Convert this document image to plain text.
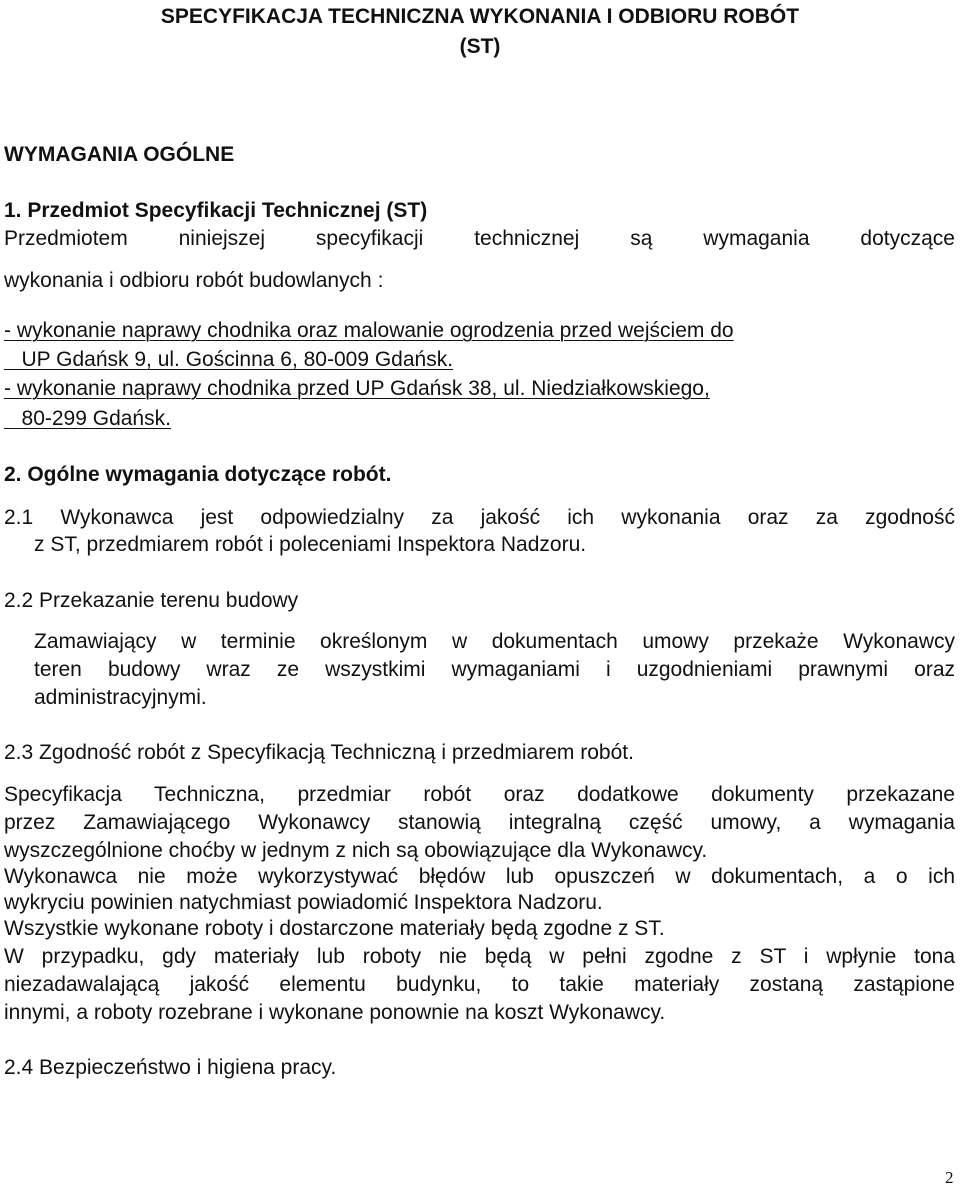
SPECYFIKACJA TECHNICZNA WYKONANIA I ODBIORU ROBÓT
(ST)
WYMAGANIA OGÓLNE
1. Przedmiot Specyfikacji Technicznej (ST)
Przedmiotem niniejszej specyfikacji technicznej są wymagania dotyczące
wykonania i odbioru robót budowlanych :
- wykonanie naprawy chodnika oraz malowanie ogrodzenia przed wejściem do
UP Gdańsk 9, ul. Gościnna 6, 80-009 Gdańsk.
- wykonanie naprawy chodnika przed UP Gdańsk 38, ul. Niedziałkowskiego,
80-299 Gdańsk.
2. Ogólne wymagania dotyczące robót.
2.1 Wykonawca jest odpowiedzialny za jakość ich wykonania oraz za zgodność
z ST, przedmiarem robót i poleceniami Inspektora Nadzoru.
2.2 Przekazanie terenu budowy
Zamawiający w terminie określonym w dokumentach umowy przekaże Wykonawcy
teren budowy wraz ze wszystkimi wymaganiami i uzgodnieniami prawnymi oraz
administracyjnymi.
2.3 Zgodność robót z Specyfikacją Techniczną i przedmiarem robót.
Specyfikacja Techniczna, przedmiar robót oraz dodatkowe dokumenty przekazane
przez Zamawiającego Wykonawcy stanowią integralną część umowy, a wymagania
wyszczególnione choćby w jednym z nich są obowiązujące dla Wykonawcy.
Wykonawca nie może wykorzystywać błędów lub opuszczeń w dokumentach, a o ich
wykryciu powinien natychmiast powiadomić Inspektora Nadzoru.
Wszystkie wykonane roboty i dostarczone materiały będą zgodne z ST.
W przypadku, gdy materiały lub roboty nie będą w pełni zgodne z ST i wpłynie tona
niezadawalającą jakość elementu budynku, to takie materiały zostaną zastąpione
innymi, a roboty rozebrane i wykonane ponownie na koszt Wykonawcy.
2.4 Bezpieczeństwo i higiena pracy.
2
